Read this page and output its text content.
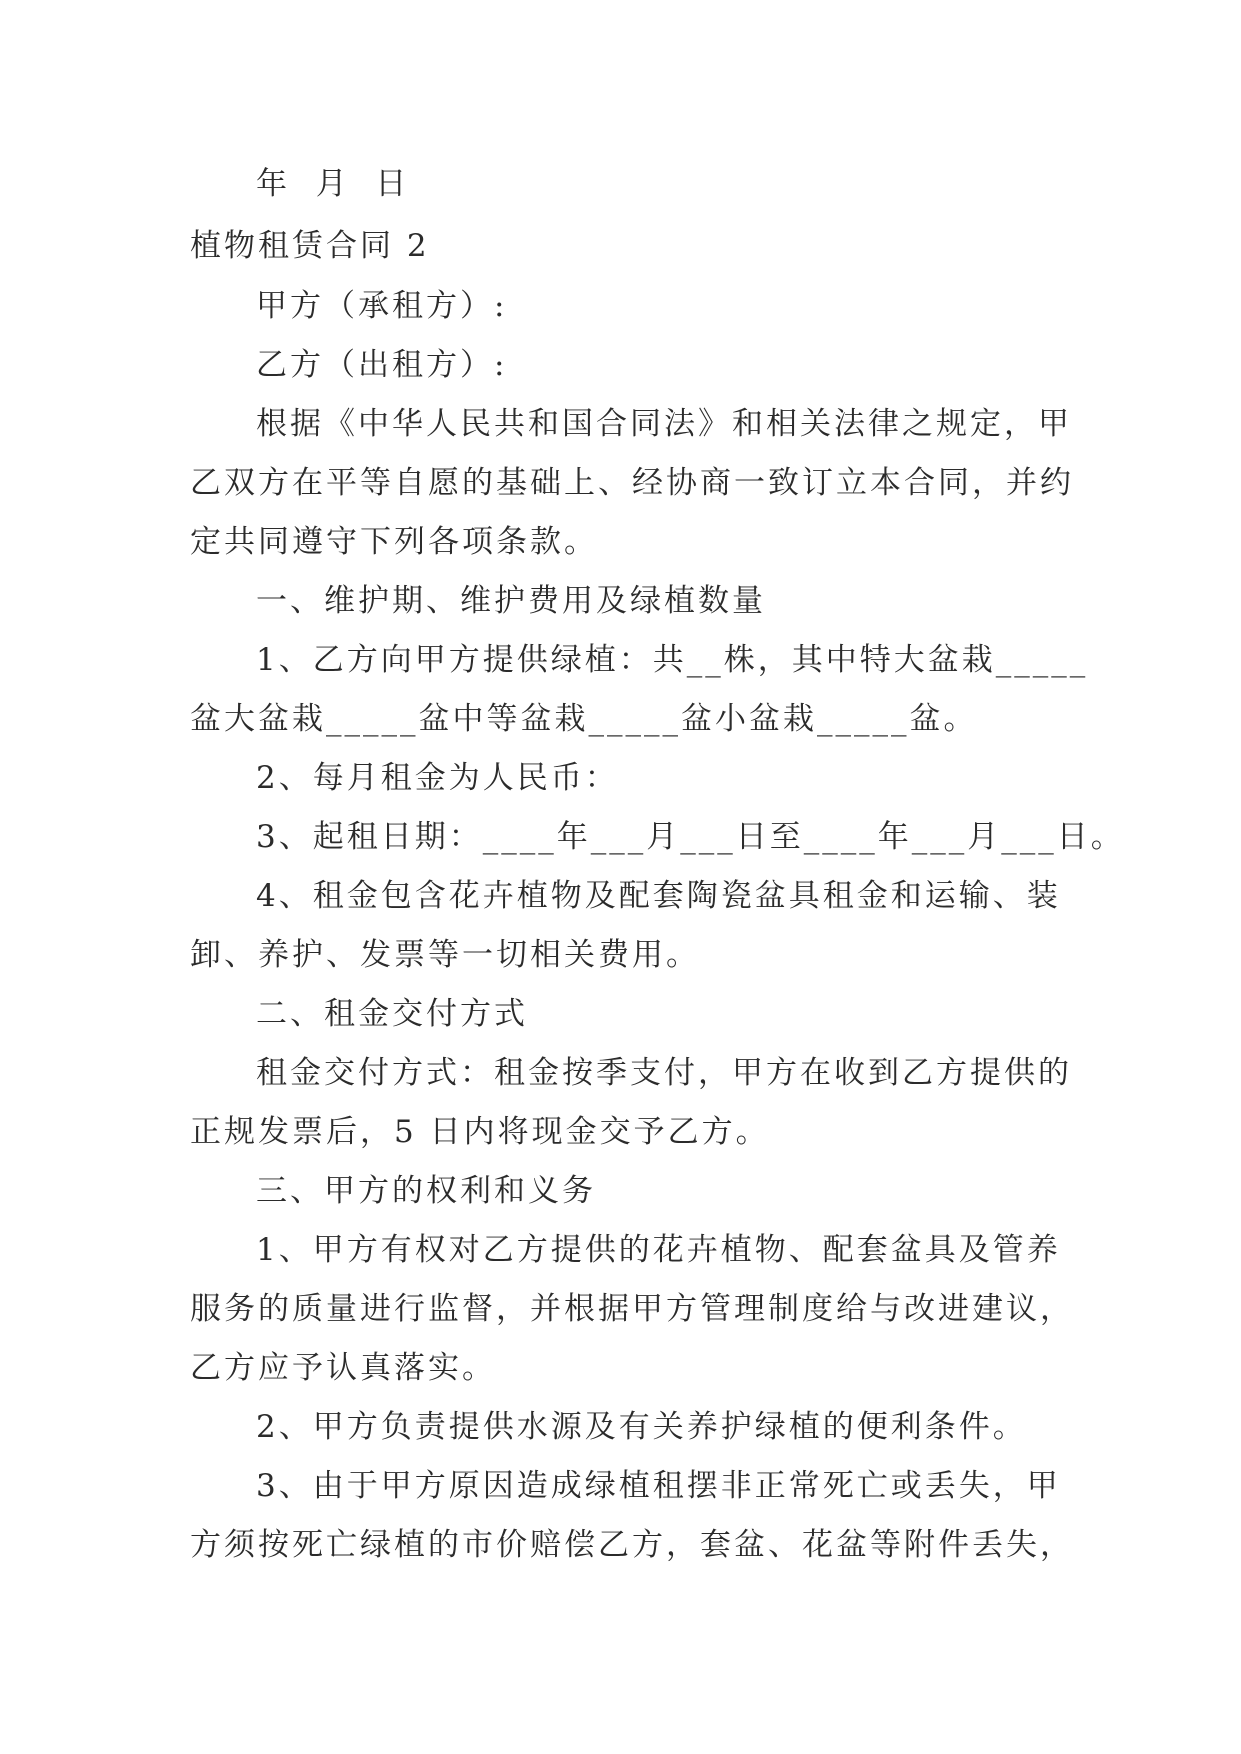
年  月  日
植物租赁合同 2
甲方（承租方）:
乙方（出租方）:
根据《中华人民共和国合同法》和相关法律之规定，甲
乙双方在平等自愿的基础上、经协商一致订立本合同，并约
定共同遵守下列各项条款。
一、维护期、维护费用及绿植数量
1、乙方向甲方提供绿植：共__株，其中特大盆栽_____
盆大盆栽_____盆中等盆栽_____盆小盆栽_____盆。
2、每月租金为人民币：
3、起租日期：____年___月___日至____年___月___日。
4、租金包含花卉植物及配套陶瓷盆具租金和运输、装
卸、养护、发票等一切相关费用。
二、租金交付方式
租金交付方式：租金按季支付，甲方在收到乙方提供的
正规发票后，5 日内将现金交予乙方。
三、甲方的权利和义务
1、甲方有权对乙方提供的花卉植物、配套盆具及管养
服务的质量进行监督，并根据甲方管理制度给与改进建议，
乙方应予认真落实。
2、甲方负责提供水源及有关养护绿植的便利条件。
3、由于甲方原因造成绿植租摆非正常死亡或丢失，甲
方须按死亡绿植的市价赔偿乙方，套盆、花盆等附件丢失，
